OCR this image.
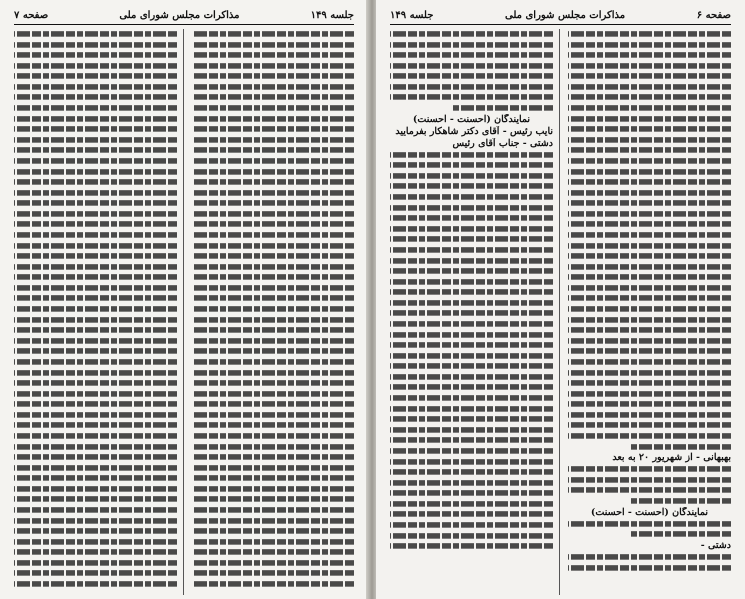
جلسه ۱۴۹
مذاکرات مجلس شورای ملی
صفحه ۷	صفحه ۶
مذاکرات مجلس شورای ملی
جلسه ۱۴۹
بهبهانی - از شهریور ۲۰ به بعد
نمایندگان (احسنت - احسنت)
دشتی -
نمایندگان (احسنت - احسنت)
نایب رئیس - آقای دکتر شاهکار بفرمایید
دشتی - جناب آقای رئیس
